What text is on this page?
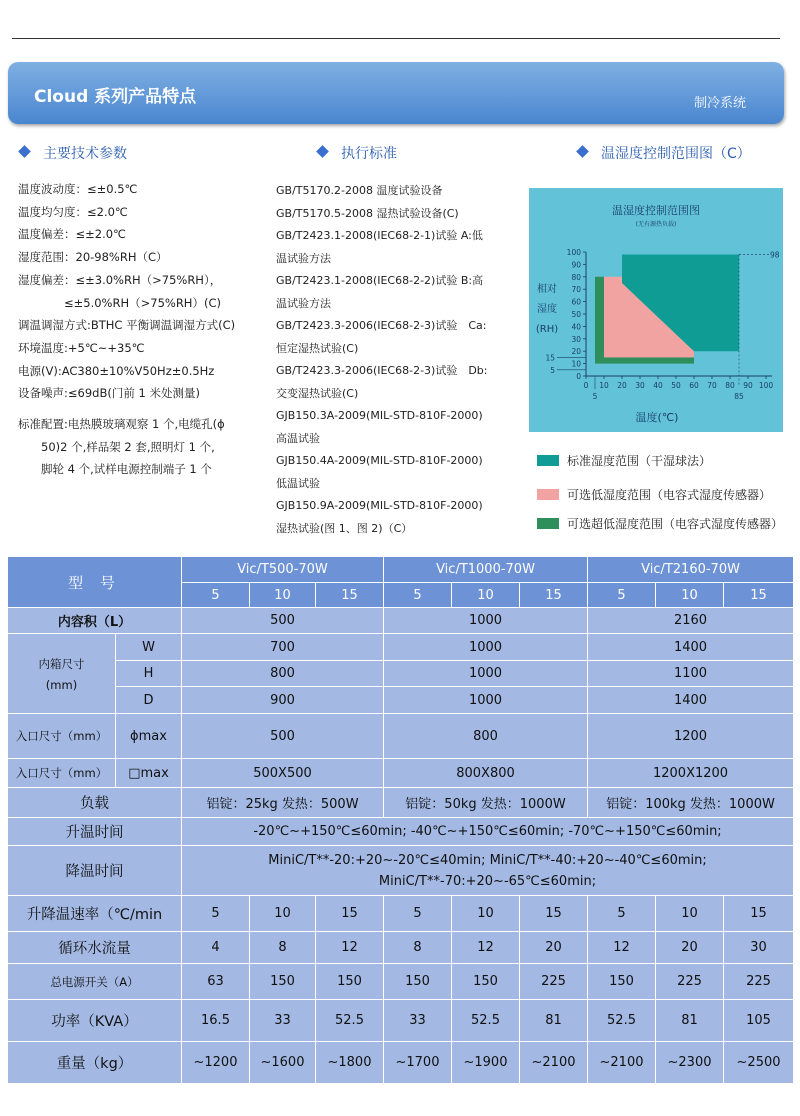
Cloud 系列产品特点	制冷系统
主要技术参数	执行标准	温湿度控制范围图（C）
温度波动度：≤±0.5℃
温度均匀度：≤2.0℃
温度偏差：≤±2.0℃
湿度范围：20-98%RH（C）
湿度偏差：≤±3.0%RH（>75%RH），
　　　　≤±5.0%RH（>75%RH）(C)
调温调湿方式:BTHC 平衡调温调湿方式(C)
环境温度:+5℃~+35℃
电源(V):AC380±10%V50Hz±0.5Hz
设备噪声:≤69dB(门前 1 米处测量)
标准配置:电热膜玻璃观察 1 个,电缆孔(ϕ
　　50)2 个,样品架 2 套,照明灯 1 个,
　　脚轮 4 个,试样电源控制端子 1 个
GB/T5170.2-2008 温度试验设备
GB/T5170.5-2008 湿热试验设备(C)
GB/T2423.1-2008(IEC68-2-1)试验 A:低
温试验方法
GB/T2423.1-2008(IEC68-2-2)试验 B:高
温试验方法
GB/T2423.3-2006(IEC68-2-3)试验　Ca:
恒定湿热试验(C)
GB/T2423.3-2006(IEC68-2-3)试验　Db:
交变湿热试验(C)
GJB150.3A-2009(MIL-STD-810F-2000)
高温试验
GJB150.4A-2009(MIL-STD-810F-2000)
低温试验
GJB150.9A-2009(MIL-STD-810F-2000)
湿热试验(图 1、图 2)（C）
温湿度控制范围图
(无有源热负载)
相对
湿度
(RH)
温度(℃)
98
85
100
90
80
70
60
50
40
30
20
10
0
15
5
0 10 20 30 40 50 60 70 80 90 100
5
标准湿度范围（干湿球法）
可选低湿度范围（电容式湿度传感器）
可选超低湿度范围（电容式湿度传感器）
型 号		Vic/T500-70W			Vic/T1000-70W			Vic/T2160-70W		
		5	10	15	5	10	15	5	10	15
内容积（L）		500			1000			2160		

内箱尺寸
(mm)	W	700			1000			1400		
	H	800			1000			1100		
	D	900			1000			1400		
入口尺寸（mm）	ϕmax	500			800			1200		
入口尺寸（mm）	□max	500X500			800X800			1200X1200		
负载		铝锭：25kg 发热：500W			铝锭：50kg 发热：1000W			铝锭：100kg 发热：1000W		
升温时间		-20℃~+150℃≤60min; -40℃~+150℃≤60min; -70℃~+150℃≤60min;								
降温时间		MiniC/T**-20:+20~-20℃≤40min; MiniC/T**-40:+20~-40℃≤60min;
MiniC/T**-70:+20~-65℃≤60min;								

升降温速率（℃/min		5	10	15	5	10	15	5	10	15
循环水流量		4	8	12	8	12	20	12	20	30
总电源开关（A）		63	150	150	150	150	225	150	225	225
功率（KVA）		16.5	33	52.5	33	52.5	81	52.5	81	105
重量（kg）		~1200	~1600	~1800	~1700	~1900	~2100	~2100	~2300	~2500
